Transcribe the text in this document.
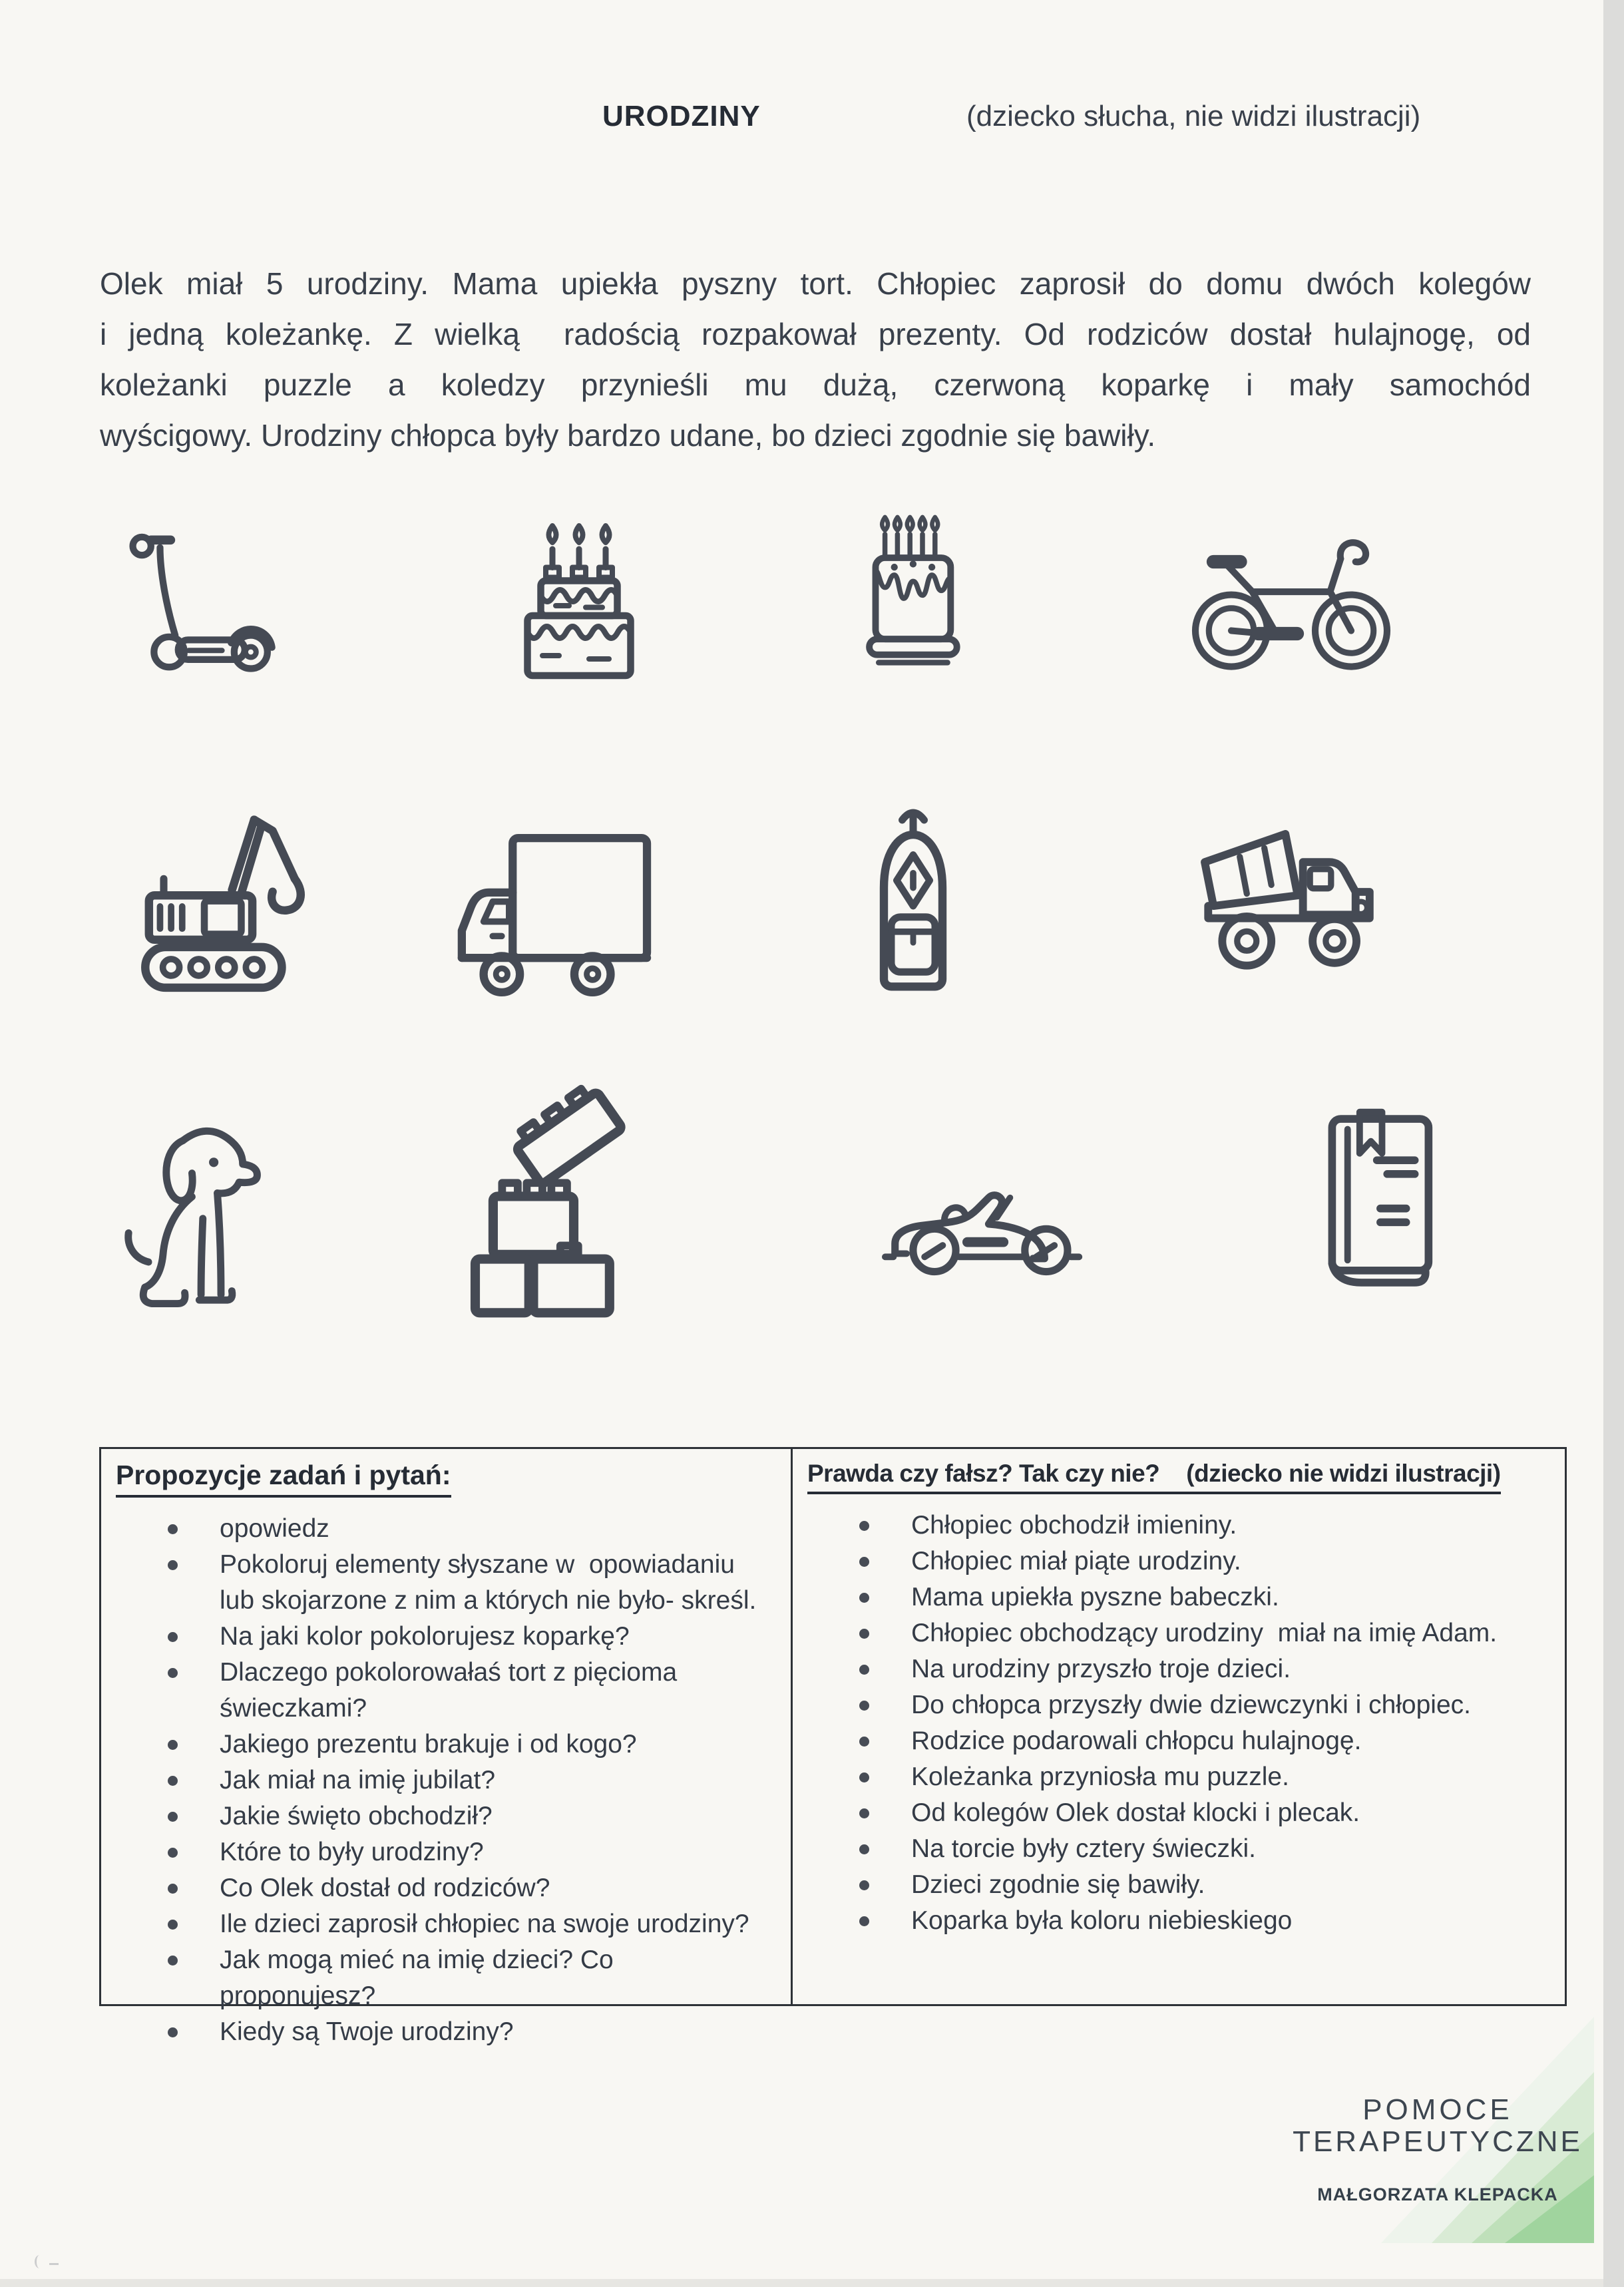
URODZINY	(dziecko słucha, nie widzi ilustracji)
Olek miał 5 urodziny. Mama upiekła pyszny tort. Chłopiec zaprosił do domu dwóch kolegów
i jedną koleżankę. Z wielką  radością rozpakował prezenty. Od rodziców dostał hulajnogę, od
koleżanki puzzle a koledzy przynieśli mu dużą, czerwoną koparkę i mały samochód
wyścigowy. Urodziny chłopca były bardzo udane, bo dzieci zgodnie się bawiły.
Propozycje zadań i pytań:
opowiedz
Pokoloruj elementy słyszane w  opowiadaniu lub skojarzone z nim a których nie było- skreśl.
Na jaki kolor pokolorujesz koparkę?
Dlaczego pokolorowałaś tort z pięcioma świeczkami?
Jakiego prezentu brakuje i od kogo?
Jak miał na imię jubilat?
Jakie święto obchodził?
Które to były urodziny?
Co Olek dostał od rodziców?
Ile dzieci zaprosił chłopiec na swoje urodziny?
Jak mogą mieć na imię dzieci? Co proponujesz?
Kiedy są Twoje urodziny?
Prawda czy fałsz? Tak czy nie? (dziecko nie widzi ilustracji)
Chłopiec obchodził imieniny.
Chłopiec miał piąte urodziny.
Mama upiekła pyszne babeczki.
Chłopiec obchodzący urodziny  miał na imię Adam.
Na urodziny przyszło troje dzieci.
Do chłopca przyszły dwie dziewczynki i chłopiec.
Rodzice podarowali chłopcu hulajnogę.
Koleżanka przyniosła mu puzzle.
Od kolegów Olek dostał klocki i plecak.
Na torcie były cztery świeczki.
Dzieci zgodnie się bawiły.
Koparka była koloru niebieskiego
POMOCE
TERAPEUTYCZNE
MAŁGORZATA KLEPACKA
